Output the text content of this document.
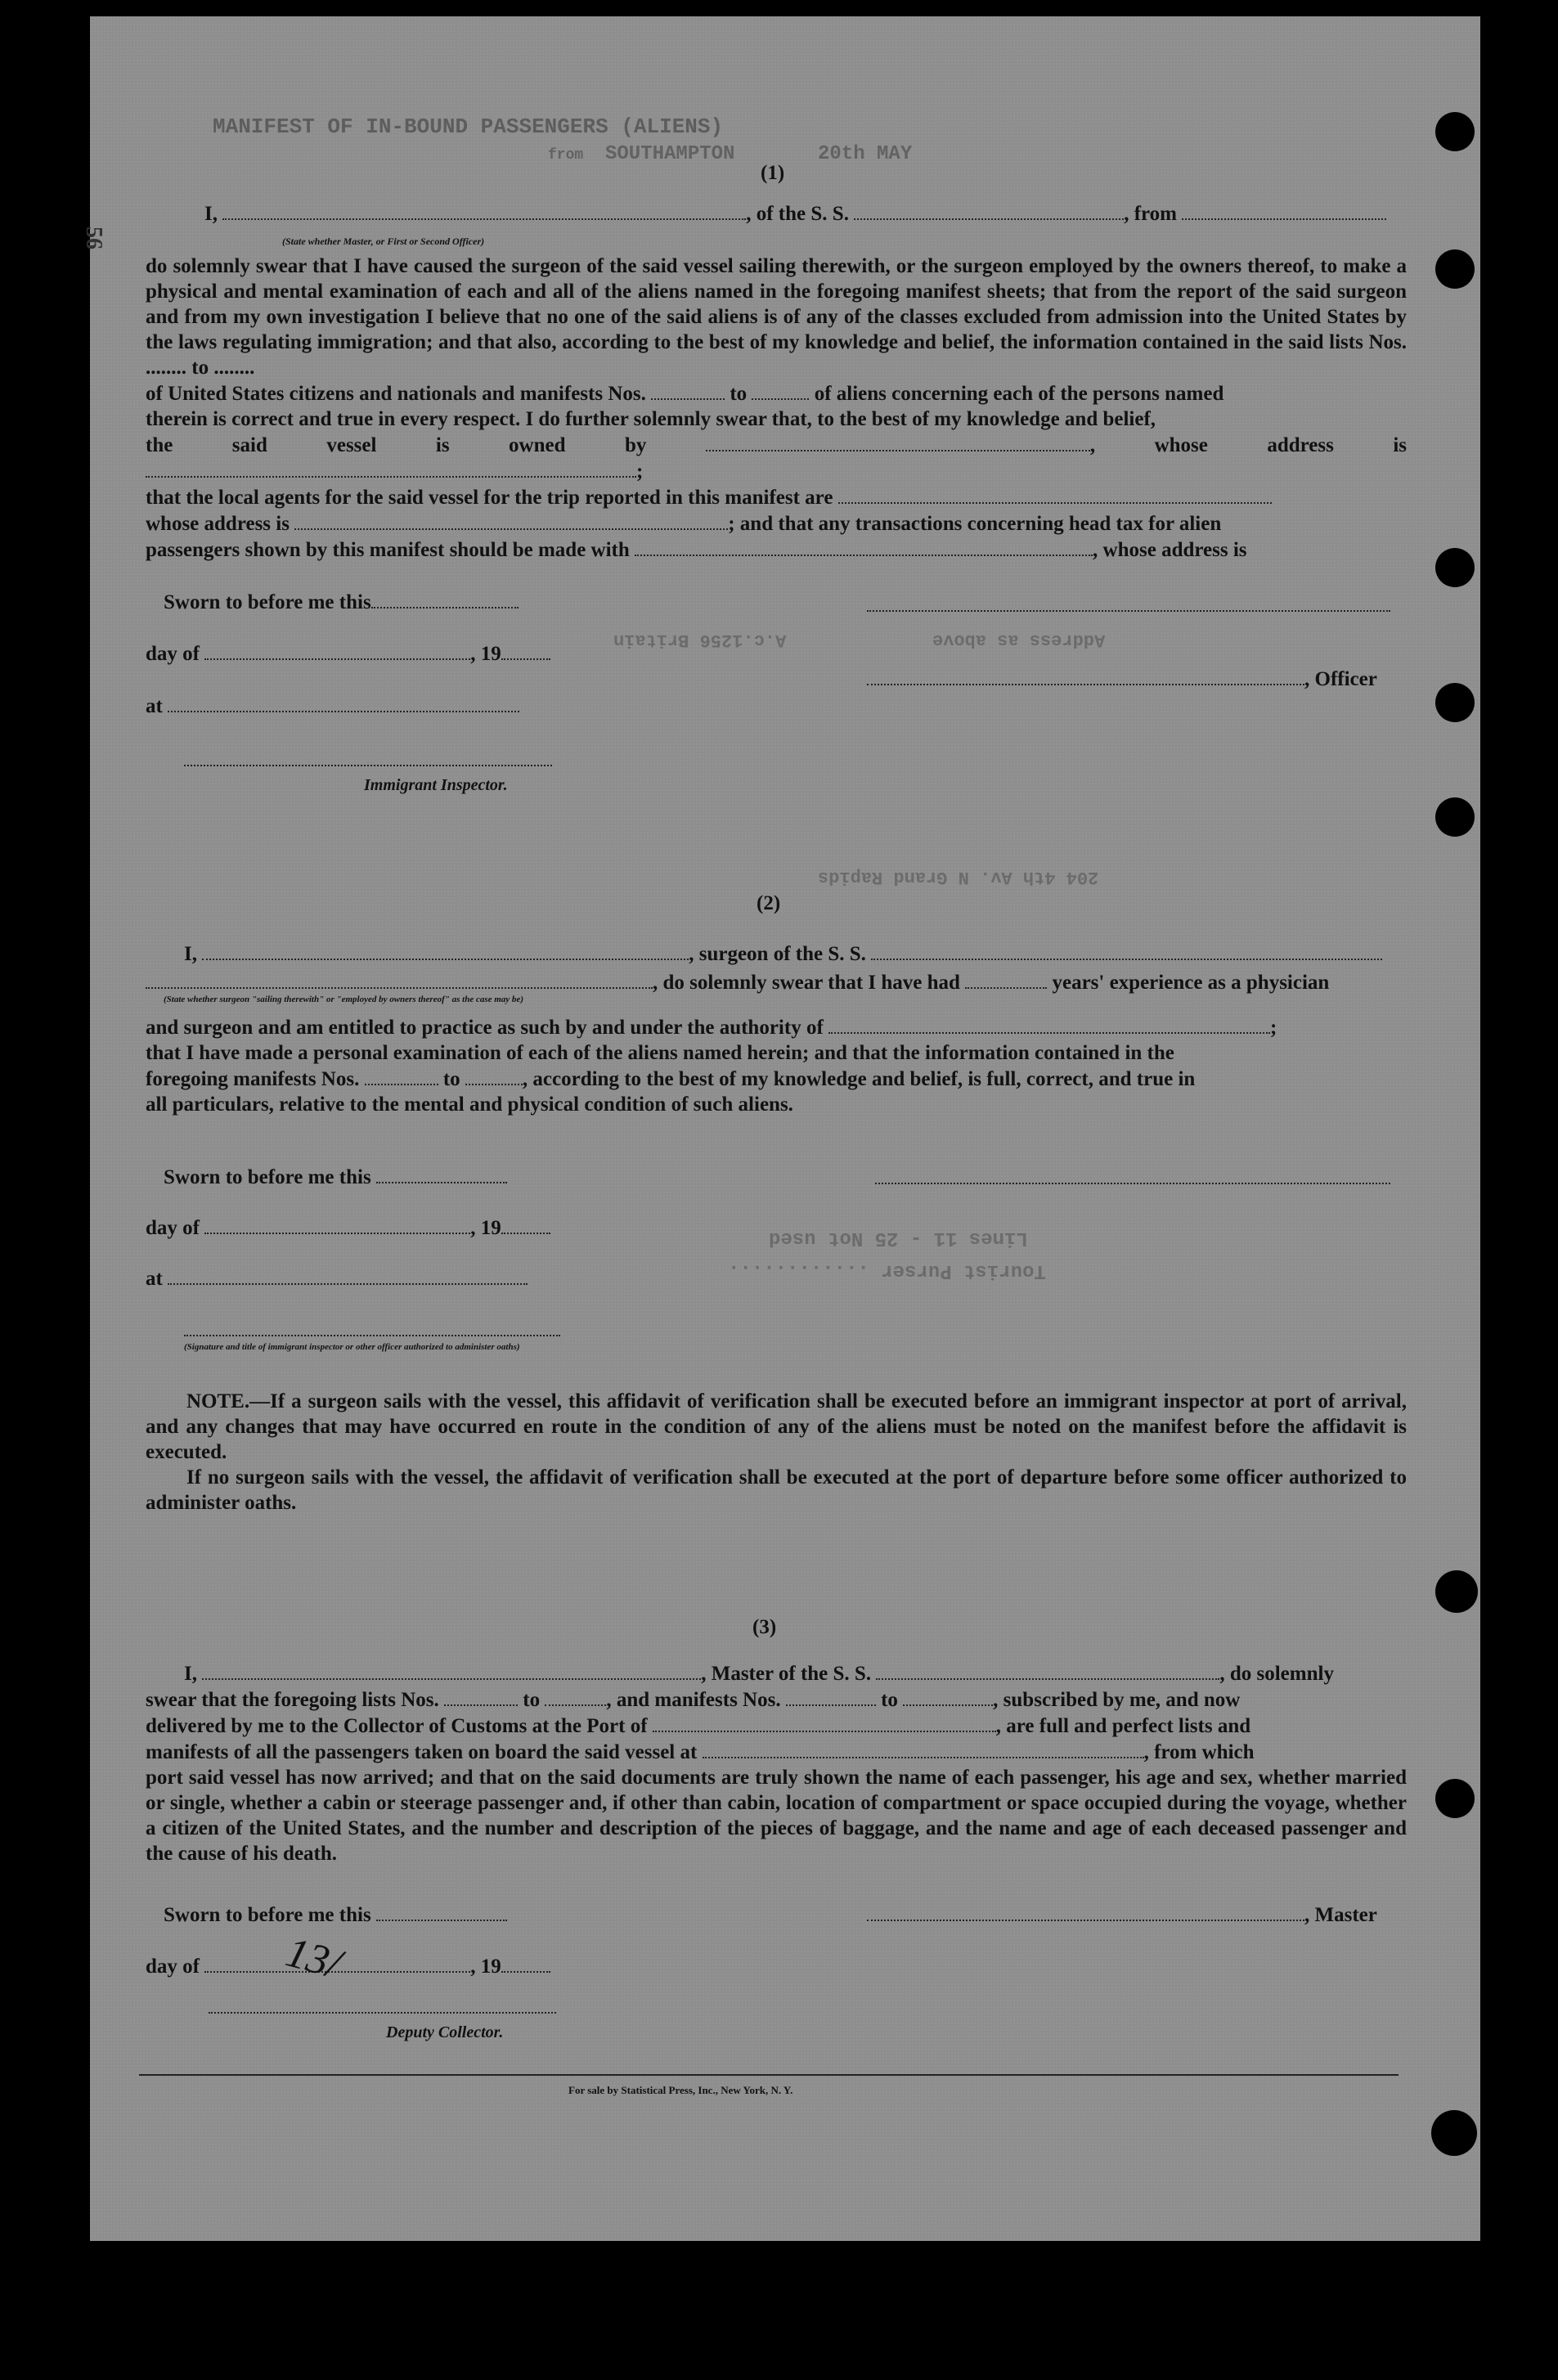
Lines 11 - 25 Not used
Tourist Purser ............
204 4th Av. N Grand Rapids
A.c.1256 Britain	Address as above
MANIFEST OF IN-BOUND PASSENGERS (ALIENS)
from SOUTHAMPTON	20th MAY
56
(1)
I,	, of the S. S.	, from
(State whether Master, or First or Second Officer)
do solemnly swear that I have caused the surgeon of the said vessel sailing therewith, or the surgeon employed by the owners thereof, to make a physical and mental examination of each and all of the aliens named in the foregoing manifest sheets; that from the report of the said surgeon and from my own investigation I believe that no one of the said aliens is of any of the classes excluded from admission into the United States by the laws regulating immigration; and that also, according to the best of my knowledge and belief, the information contained in the said lists Nos. ........ to ........
of United States citizens and nationals and manifests Nos.	to	of aliens concerning each of the persons named
therein is correct and true in every respect. I do further solemnly swear that, to the best of my knowledge and belief,
the said vessel is owned by	, whose address is ;
that the local agents for the said vessel for the trip reported in this manifest are
whose address is	; and that any transactions concerning head tax for alien
passengers shown by this manifest should be made with	, whose address is
Sworn to before me this
day of	, 19
at
Immigrant Inspector.
, Officer
(2)
I,	, surgeon of the S. S.
, do solemnly swear that I have had	years' experience as a physician
(State whether surgeon "sailing therewith" or "employed by owners thereof" as the case may be)
and surgeon and am entitled to practice as such by and under the authority of	;
that I have made a personal examination of each of the aliens named herein; and that the information contained in the
foregoing manifests Nos.	to	, according to the best of my knowledge and belief, is full, correct, and true in
all particulars, relative to the mental and physical condition of such aliens.
Sworn to before me this
day of	, 19
at
(Signature and title of immigrant inspector or other officer authorized to administer oaths)
NOTE.—If a surgeon sails with the vessel, this affidavit of verification shall be executed before an immigrant inspector at port of arrival, and any changes that may have occurred en route in the condition of any of the aliens must be noted on the manifest before the affidavit is executed.
If no surgeon sails with the vessel, the affidavit of verification shall be executed at the port of departure before some officer authorized to administer oaths.
(3)
I,	, Master of the S. S.	, do solemnly
swear that the foregoing lists Nos.	to	, and manifests Nos.	to	, subscribed by me, and now
delivered by me to the Collector of Customs at the Port of	, are full and perfect lists and
manifests of all the passengers taken on board the said vessel at	, from which
port said vessel has now arrived; and that on the said documents are truly shown the name of each passenger, his age and sex, whether married or single, whether a cabin or steerage passenger and, if other than cabin, location of compartment or space occupied during the voyage, whether a citizen of the United States, and the number and description of the pieces of baggage, and the name and age of each deceased passenger and the cause of his death.
Sworn to before me this	, Master
day of	, 19
13/
Deputy Collector.
For sale by Statistical Press, Inc., New York, N. Y.
